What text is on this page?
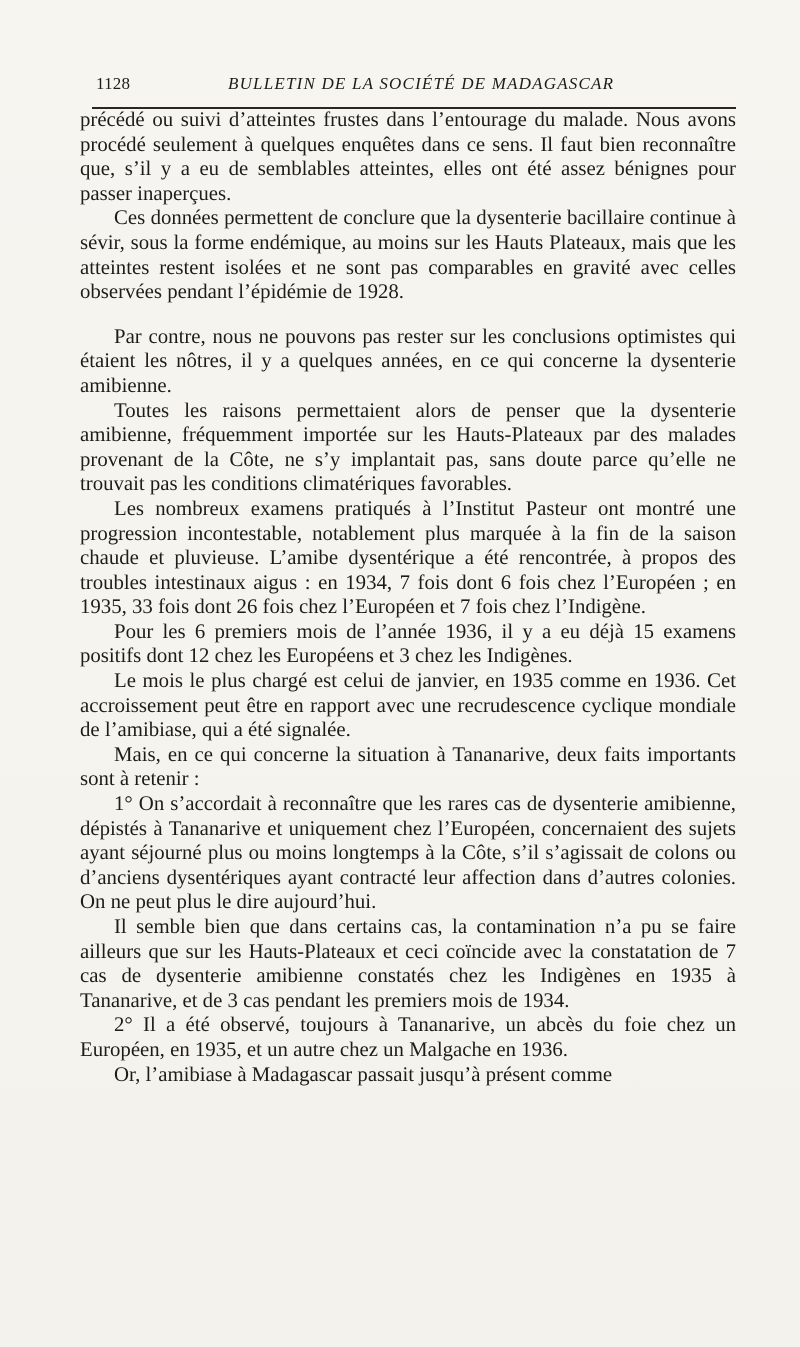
1128	BULLETIN DE LA SOCIÉTÉ DE MADAGASCAR

précédé ou suivi d’atteintes frustes dans l’entourage du malade. Nous avons procédé seulement à quelques enquêtes dans ce sens. Il faut bien reconnaître que, s’il y a eu de semblables atteintes, elles ont été assez bénignes pour passer inaperçues.

Ces données permettent de conclure que la dysenterie bacillaire continue à sévir, sous la forme endémique, au moins sur les Hauts Plateaux, mais que les atteintes restent isolées et ne sont pas comparables en gravité avec celles observées pendant l’épidémie de 1928.

Par contre, nous ne pouvons pas rester sur les conclusions optimistes qui étaient les nôtres, il y a quelques années, en ce qui concerne la dysenterie amibienne.

Toutes les raisons permettaient alors de penser que la dysenterie amibienne, fréquemment importée sur les Hauts-Plateaux par des malades provenant de la Côte, ne s’y implantait pas, sans doute parce qu’elle ne trouvait pas les conditions climatériques favorables.

Les nombreux examens pratiqués à l’Institut Pasteur ont montré une progression incontestable, notablement plus marquée à la fin de la saison chaude et pluvieuse. L’amibe dysentérique a été rencontrée, à propos des troubles intestinaux aigus : en 1934, 7 fois dont 6 fois chez l’Européen ; en 1935, 33 fois dont 26 fois chez l’Européen et 7 fois chez l’Indigène.

Pour les 6 premiers mois de l’année 1936, il y a eu déjà 15 examens positifs dont 12 chez les Européens et 3 chez les Indigènes.

Le mois le plus chargé est celui de janvier, en 1935 comme en 1936. Cet accroissement peut être en rapport avec une recrudescence cyclique mondiale de l’amibiase, qui a été signalée.

Mais, en ce qui concerne la situation à Tananarive, deux faits importants sont à retenir :

1° On s’accordait à reconnaître que les rares cas de dysenterie amibienne, dépistés à Tananarive et uniquement chez l’Européen, concernaient des sujets ayant séjourné plus ou moins longtemps à la Côte, s’il s’agissait de colons ou d’anciens dysentériques ayant contracté leur affection dans d’autres colonies. On ne peut plus le dire aujourd’hui.

Il semble bien que dans certains cas, la contamination n’a pu se faire ailleurs que sur les Hauts-Plateaux et ceci coïncide avec la constatation de 7 cas de dysenterie amibienne constatés chez les Indigènes en 1935 à Tananarive, et de 3 cas pendant les premiers mois de 1934.

2° Il a été observé, toujours à Tananarive, un abcès du foie chez un Européen, en 1935, et un autre chez un Malgache en 1936.

Or, l’amibiase à Madagascar passait jusqu’à présent comme
